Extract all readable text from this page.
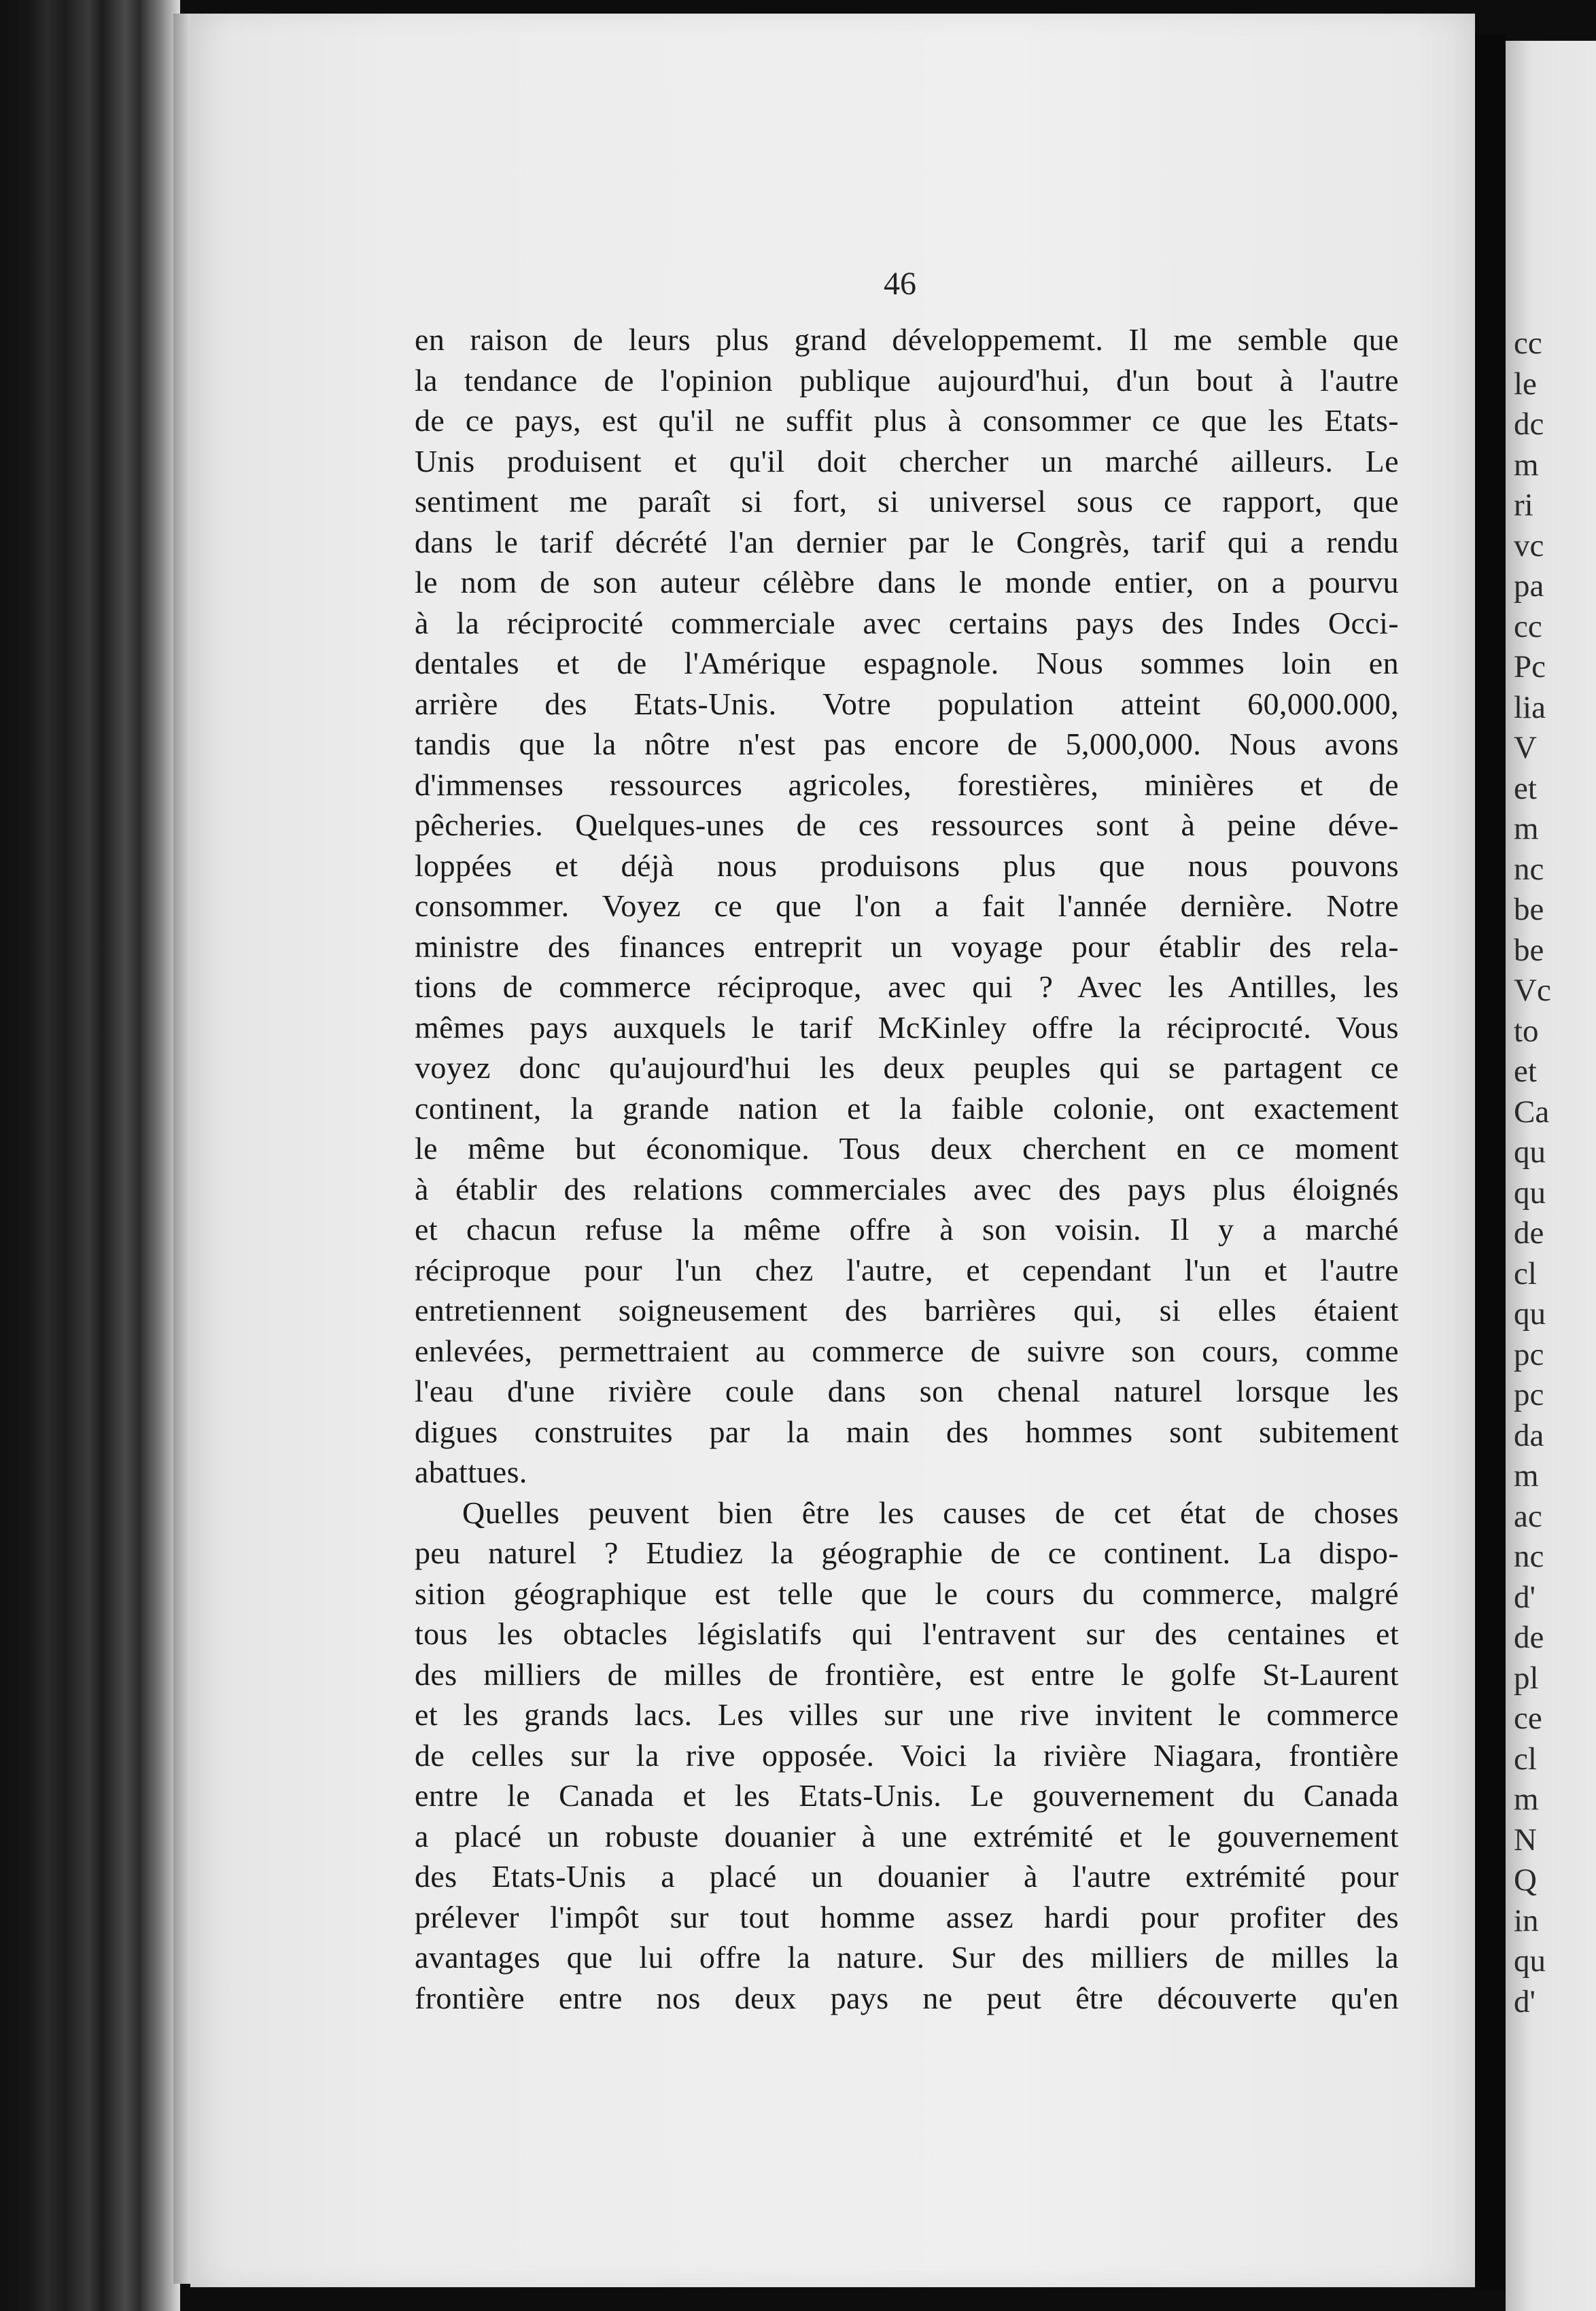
cc
le
dc
m
ri
vc
pa
cc
Pc
lia
V
et
m
nc
be
be
Vc
to
et
Ca
qu
qu
de
cl
qu
pc
pc
da
m
ac
nc
d'
de
pl
ce
cl
m
N
Q
in
qu
d'
46
en raison de leurs plus grand développememt. Il me semble que
la tendance de l'opinion publique aujourd'hui, d'un bout à l'autre
de ce pays, est qu'il ne suffit plus à consommer ce que les Etats-
Unis produisent et qu'il doit chercher un marché ailleurs. Le
sentiment me paraît si fort, si universel sous ce rapport, que
dans le tarif décrété l'an dernier par le Congrès, tarif qui a rendu
le nom de son auteur célèbre dans le monde entier, on a pourvu
à la réciprocité commerciale avec certains pays des Indes Occi-
dentales et de l'Amérique espagnole. Nous sommes loin en
arrière des Etats-Unis. Votre population atteint 60,000.000,
tandis que la nôtre n'est pas encore de 5,000,000. Nous avons
d'immenses ressources agricoles, forestières, minières et de
pêcheries. Quelques-unes de ces ressources sont à peine déve-
loppées et déjà nous produisons plus que nous pouvons
consommer. Voyez ce que l'on a fait l'année dernière. Notre
ministre des finances entreprit un voyage pour établir des rela-
tions de commerce réciproque, avec qui ? Avec les Antilles, les
mêmes pays auxquels le tarif McKinley offre la réciprocıté. Vous
voyez donc qu'aujourd'hui les deux peuples qui se partagent ce
continent, la grande nation et la faible colonie, ont exactement
le même but économique. Tous deux cherchent en ce moment
à établir des relations commerciales avec des pays plus éloignés
et chacun refuse la même offre à son voisin. Il y a marché
réciproque pour l'un chez l'autre, et cependant l'un et l'autre
entretiennent soigneusement des barrières qui, si elles étaient
enlevées, permettraient au commerce de suivre son cours, comme
l'eau d'une rivière coule dans son chenal naturel lorsque les
digues construites par la main des hommes sont subitement
abattues.
Quelles peuvent bien être les causes de cet état de choses
peu naturel ? Etudiez la géographie de ce continent. La dispo-
sition géographique est telle que le cours du commerce, malgré
tous les obtacles législatifs qui l'entravent sur des centaines et
des milliers de milles de frontière, est entre le golfe St-Laurent
et les grands lacs. Les villes sur une rive invitent le commerce
de celles sur la rive opposée. Voici la rivière Niagara, frontière
entre le Canada et les Etats-Unis. Le gouvernement du Canada
a placé un robuste douanier à une extrémité et le gouvernement
des Etats-Unis a placé un douanier à l'autre extrémité pour
prélever l'impôt sur tout homme assez hardi pour profiter des
avantages que lui offre la nature. Sur des milliers de milles la
frontière entre nos deux pays ne peut être découverte qu'en
